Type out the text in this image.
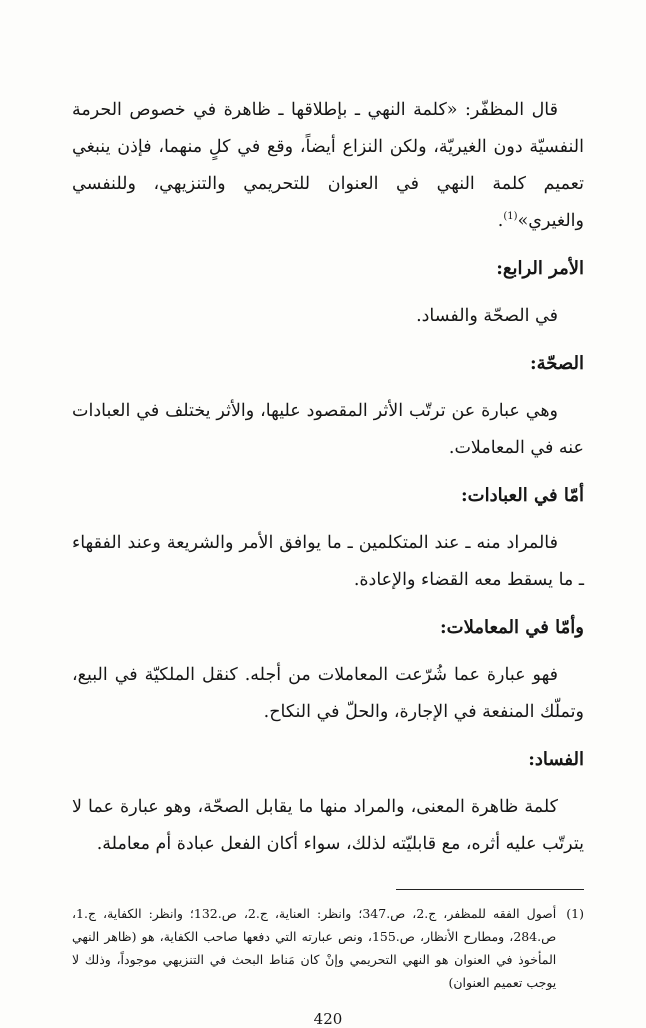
قال المظفّر: «كلمة النهي ـ بإطلاقها ـ ظاهرة في خصوص الحرمة النفسيّة دون الغيريّة، ولكن النزاع أيضاً، وقع في كلٍ منهما، فإذن ينبغي تعميم كلمة النهي في العنوان للتحريمي والتنزيهي، وللنفسي والغيري»$^{(1)}$.

الأمر الرابع:

في الصحّة والفساد.

الصحّة:

وهي عبارة عن ترتّب الأثر المقصود عليها، والأثر يختلف في العبادات عنه في المعاملات.

أمّا في العبادات:

فالمراد منه ـ عند المتكلمين ـ ما يوافق الأمر والشريعة وعند الفقهاء ـ ما يسقط معه القضاء والإعادة.

وأمّا في المعاملات:

فهو عبارة عما شُرّعت المعاملات من أجله. كنقل الملكيّة في البيع، وتملّك المنفعة في الإجارة، والحلّ في النكاح.

الفساد:

كلمة ظاهرة المعنى، والمراد منها ما يقابل الصحّة، وهو عبارة عما لا يترتّب عليه أثره، مع قابليّته لذلك، سواء أكان الفعل عبادة أم معاملة.

(1)
أصول الفقه للمظفر، ج.2، ص.347؛ وانظر: العناية، ج.2، ص.132؛ وانظر: الكفاية، ج.1، ص.284، ومطارح الأنظار، ص.155، ونص عبارته التي دفعها صاحب الكفاية، هو (ظاهر النهي المأخوذ في العنوان هو النهي التحريمي وإنْ كان مَناط البحث في التنزيهي موجوداً، وذلك لا يوجب تعميم العنوان)
420
